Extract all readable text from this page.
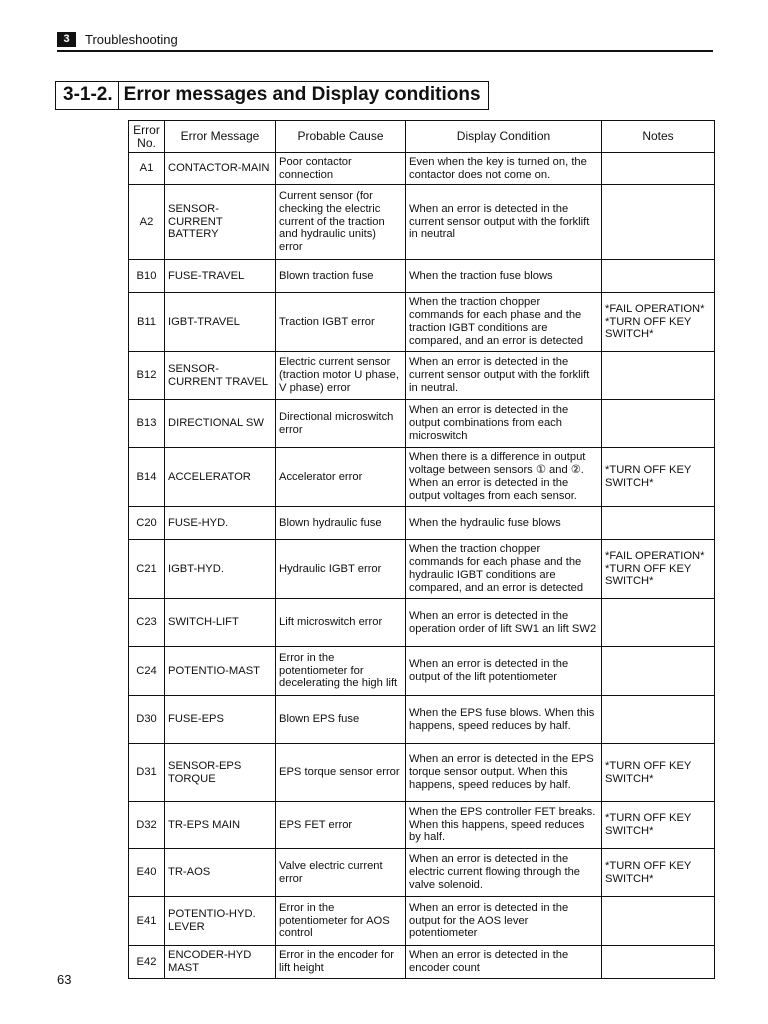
3	Troubleshooting
3-1-2. Error messages and Display conditions
Error No.	Error Message	Probable Cause	Display Condition	Notes
A1	CONTACTOR-MAIN	Poor contactor connection	Even when the key is turned on, the contactor does not come on.	
A2	SENSOR-CURRENT BATTERY	Current sensor (for checking the electric current of the traction and hydraulic units) error	When an error is detected in the current sensor output with the forklift in neutral	
B10	FUSE-TRAVEL	Blown traction fuse	When the traction fuse blows	
B11	IGBT-TRAVEL	Traction IGBT error	When the traction chopper commands for each phase and the traction IGBT conditions are compared, and an error is detected	*FAIL OPERATION* *TURN OFF KEY SWITCH*
B12	SENSOR-CURRENT TRAVEL	Electric current sensor (traction motor U phase, V phase) error	When an error is detected in the current sensor output with the forklift in neutral.	
B13	DIRECTIONAL SW	Directional microswitch error	When an error is detected in the output combinations from each microswitch	
B14	ACCELERATOR	Accelerator error	When there is a difference in output voltage between sensors ① and ②. When an error is detected in the output voltages from each sensor.	*TURN OFF KEY SWITCH*
C20	FUSE-HYD.	Blown hydraulic fuse	When the hydraulic fuse blows	
C21	IGBT-HYD.	Hydraulic IGBT error	When the traction chopper commands for each phase and the hydraulic IGBT conditions are compared, and an error is detected	*FAIL OPERATION* *TURN OFF KEY SWITCH*
C23	SWITCH-LIFT	Lift microswitch error	When an error is detected in the operation order of lift SW1 an lift SW2	
C24	POTENTIO-MAST	Error in the potentiometer for decelerating the high lift	When an error is detected in the output of the lift potentiometer	
D30	FUSE-EPS	Blown EPS fuse	When the EPS fuse blows. When this happens, speed reduces by half.	
D31	SENSOR-EPS TORQUE	EPS torque sensor error	When an error is detected in the EPS torque sensor output. When this happens, speed reduces by half.	*TURN OFF KEY SWITCH*
D32	TR-EPS MAIN	EPS FET error	When the EPS controller FET breaks. When this happens, speed reduces by half.	*TURN OFF KEY SWITCH*
E40	TR-AOS	Valve electric current error	When an error is detected in the electric current flowing through the valve solenoid.	*TURN OFF KEY SWITCH*
E41	POTENTIO-HYD. LEVER	Error in the potentiometer for AOS control	When an error is detected in the output for the AOS lever potentiometer	
E42	ENCODER-HYD MAST	Error in the encoder for lift height	When an error is detected in the encoder count	
63
